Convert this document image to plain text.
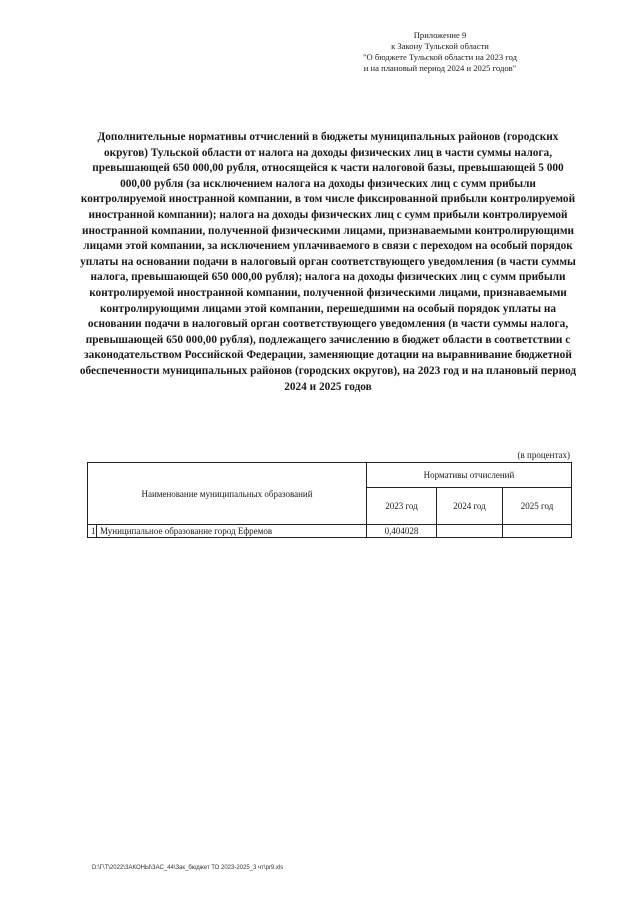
Приложение 9
к Закону Тульской области
"О бюджете Тульской области на 2023 год
и на плановый период 2024 и 2025 годов"

Дополнительные нормативы отчислений в бюджеты муниципальных районов (городских округов) Тульской области от налога на доходы физических лиц в части суммы налога, превышающей 650 000,00 рубля, относящейся к части налоговой базы, превышающей 5 000 000,00 рубля (за исключением налога на доходы физических лиц с сумм прибыли контролируемой иностранной компании, в том числе фиксированной прибыли контролируемой иностранной компании); налога на доходы физических лиц с сумм прибыли контролируемой иностранной компании, полученной физическими лицами, признаваемыми контролирующими лицами этой компании, за исключением уплачиваемого в связи с переходом на особый порядок уплаты на основании подачи в налоговый орган соответствующего уведомления (в части суммы налога, превышающей 650 000,00 рубля); налога на доходы физических лиц с сумм прибыли контролируемой иностранной компании, полученной физическими лицами, признаваемыми контролирующими лицами этой компании, перешедшими на особый порядок уплаты на основании подачи в налоговый орган соответствующего уведомления (в части суммы налога, превышающей 650 000,00 рубля), подлежащего зачислению в бюджет области в соответствии с законодательством Российской Федерации, заменяющие дотации на выравнивание бюджетной обеспеченности муниципальных районов (городских округов), на 2023 год и на плановый период 2024 и 2025 годов

(в процентах)
Наименование муниципальных образований		Нормативы отчислений		
		2023 год	2024 год	2025 год
1	Муниципальное образование город Ефремов	0,404028		
D:\Г\Т\2022\ЗАКОНЫ\ЗАС_44\Зак_бюджет ТО 2023-2025_3 чт\pr9.xls
